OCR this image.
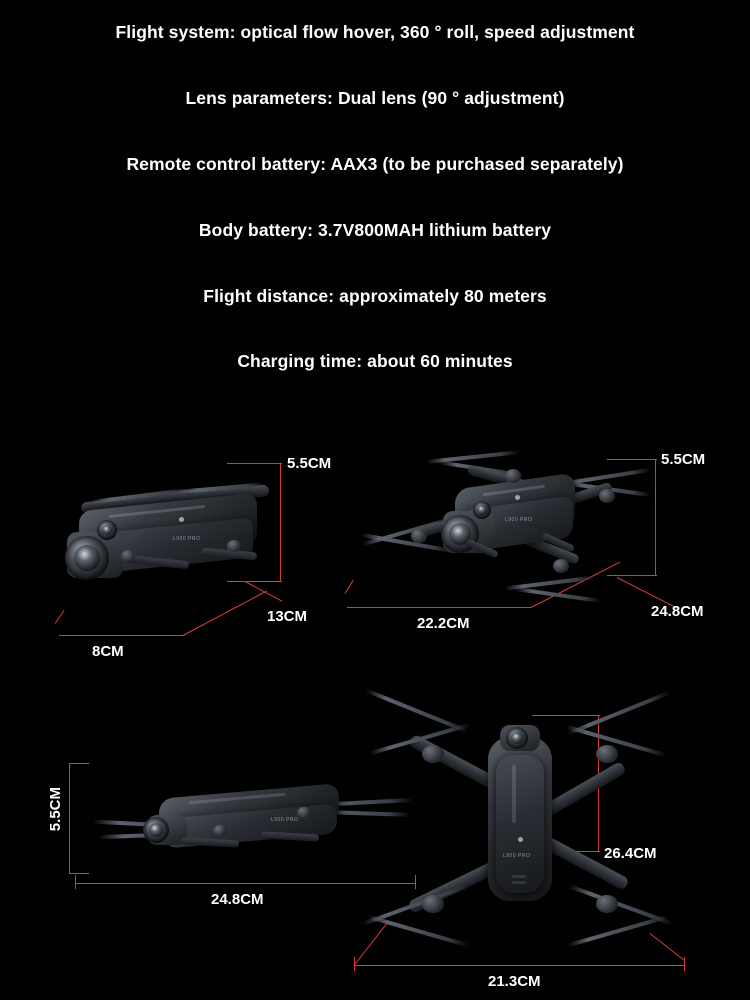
Flight system: optical flow hover, 360 ° roll, speed adjustment
Lens parameters: Dual lens (90 ° adjustment)
Remote control battery: AAX3 (to be purchased separately)
Body battery: 3.7V800MAH lithium battery
Flight distance: approximately 80 meters
Charging time: about 60 minutes
5.5CM
13CM
8CM
L900 PRO
5.5CM
24.8CM
22.2CM
L900 PRO
5.5CM
24.8CM
L900 PRO
26.4CM
21.3CM
L900 PRO
